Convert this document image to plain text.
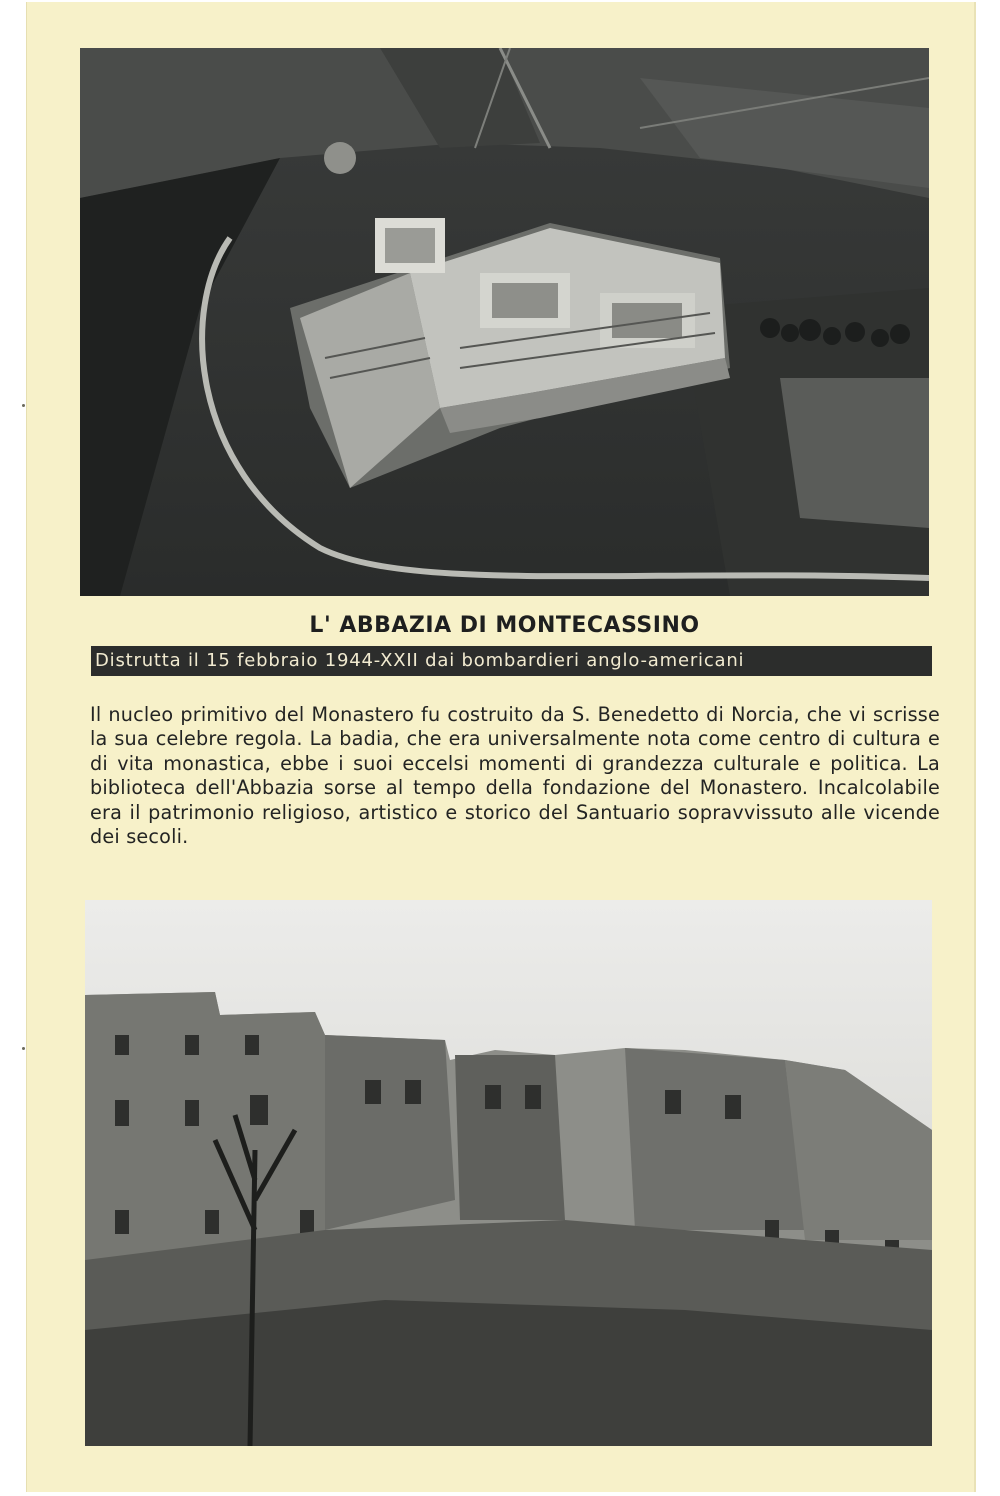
L' ABBAZIA DI MONTECASSINO
Distrutta il 15 febbraio 1944-XXII dai bombardieri anglo-americani
Il nucleo primitivo del Monastero fu costruito da S. Benedetto di Norcia, che vi scrisse la sua celebre regola. La badia, che era universalmente nota come centro di cultura e di vita monastica, ebbe i suoi eccelsi momenti di grandezza culturale e politica. La biblioteca dell'Abbazia sorse al tempo della fondazione del Monastero. Incalcolabile era il patrimonio religioso, artistico e storico del Santuario sopravvissuto alle vicende dei secoli.
